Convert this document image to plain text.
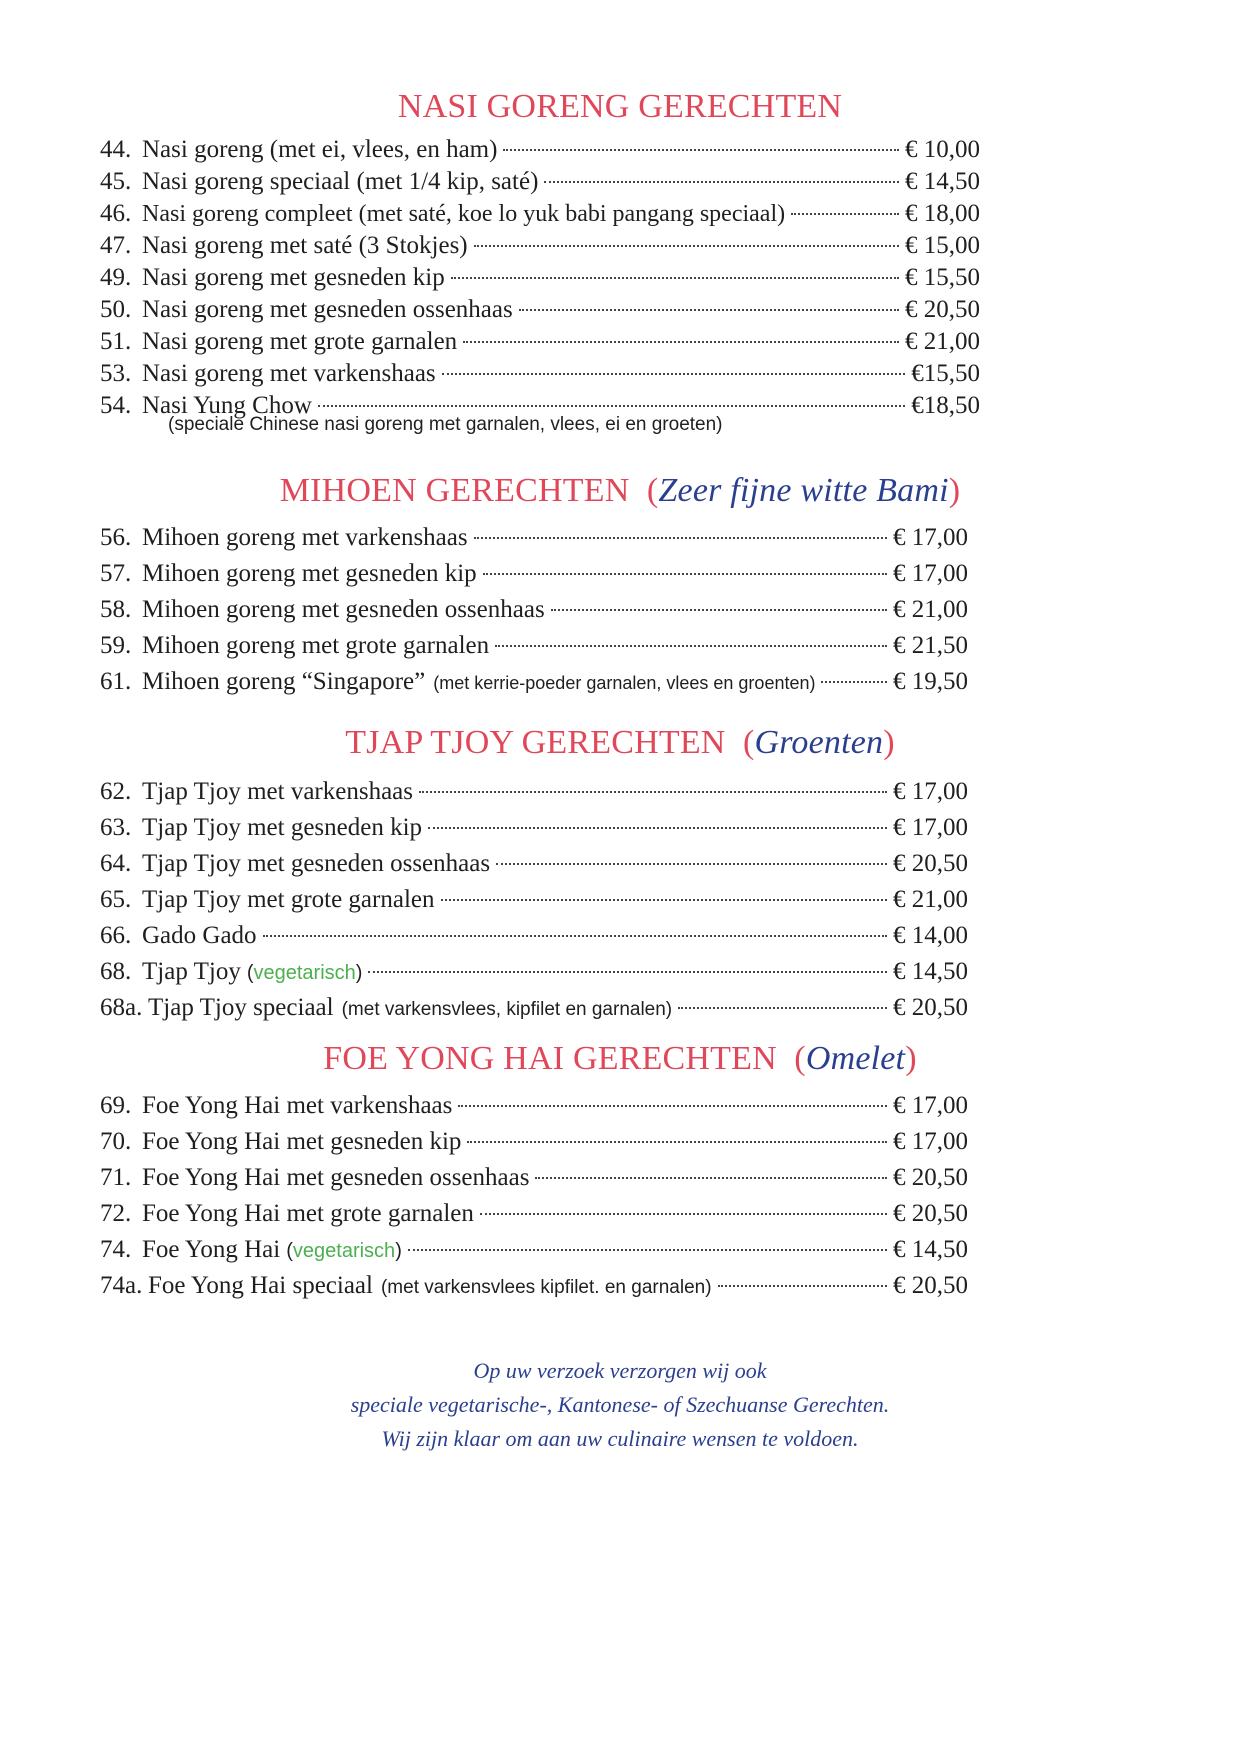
NASI GORENG GERECHTEN
44. Nasi goreng (met ei, vlees, en ham)	€ 10,00
45. Nasi goreng speciaal (met 1/4 kip, saté)	€ 14,50
46. Nasi goreng compleet (met saté, koe lo yuk babi pangang speciaal)	€ 18,00
47. Nasi goreng met saté (3 Stokjes)	€ 15,00
49. Nasi goreng met gesneden kip	€ 15,50
50. Nasi goreng met gesneden ossenhaas	€ 20,50
51. Nasi goreng met grote garnalen	€ 21,00
53. Nasi goreng met varkenshaas	€15,50
54. Nasi Yung Chow	€18,50
(speciale Chinese nasi goreng met garnalen, vlees, ei en groeten)
MIHOEN GERECHTEN  (Zeer fijne witte Bami)
56. Mihoen goreng met varkenshaas	€ 17,00
57. Mihoen goreng met gesneden kip	€ 17,00
58. Mihoen goreng met gesneden ossenhaas	€ 21,00
59. Mihoen goreng met grote garnalen	€ 21,50
61. Mihoen goreng “Singapore” (met kerrie-poeder garnalen, vlees en groenten)	€ 19,50
TJAP TJOY GERECHTEN  (Groenten)
62. Tjap Tjoy met varkenshaas	€ 17,00
63. Tjap Tjoy met gesneden kip	€ 17,00
64. Tjap Tjoy met gesneden ossenhaas	€ 20,50
65. Tjap Tjoy met grote garnalen	€ 21,00
66. Gado Gado	€ 14,00
68. Tjap Tjoy ( vegetarisch )	€ 14,50
68a. Tjap Tjoy speciaal (met varkensvlees, kipfilet en garnalen)	€ 20,50
FOE YONG HAI GERECHTEN  (Omelet)
69. Foe Yong Hai met varkenshaas	€ 17,00
70. Foe Yong Hai met gesneden kip	€ 17,00
71. Foe Yong Hai met gesneden ossenhaas	€ 20,50
72. Foe Yong Hai met grote garnalen	€ 20,50
74. Foe Yong Hai ( vegetarisch )	€ 14,50
74a. Foe Yong Hai speciaal (met varkensvlees kipfilet. en garnalen)	€ 20,50
Op uw verzoek verzorgen wij ook
speciale vegetarische-, Kantonese- of Szechuanse Gerechten.
Wij zijn klaar om aan uw culinaire wensen te voldoen.
